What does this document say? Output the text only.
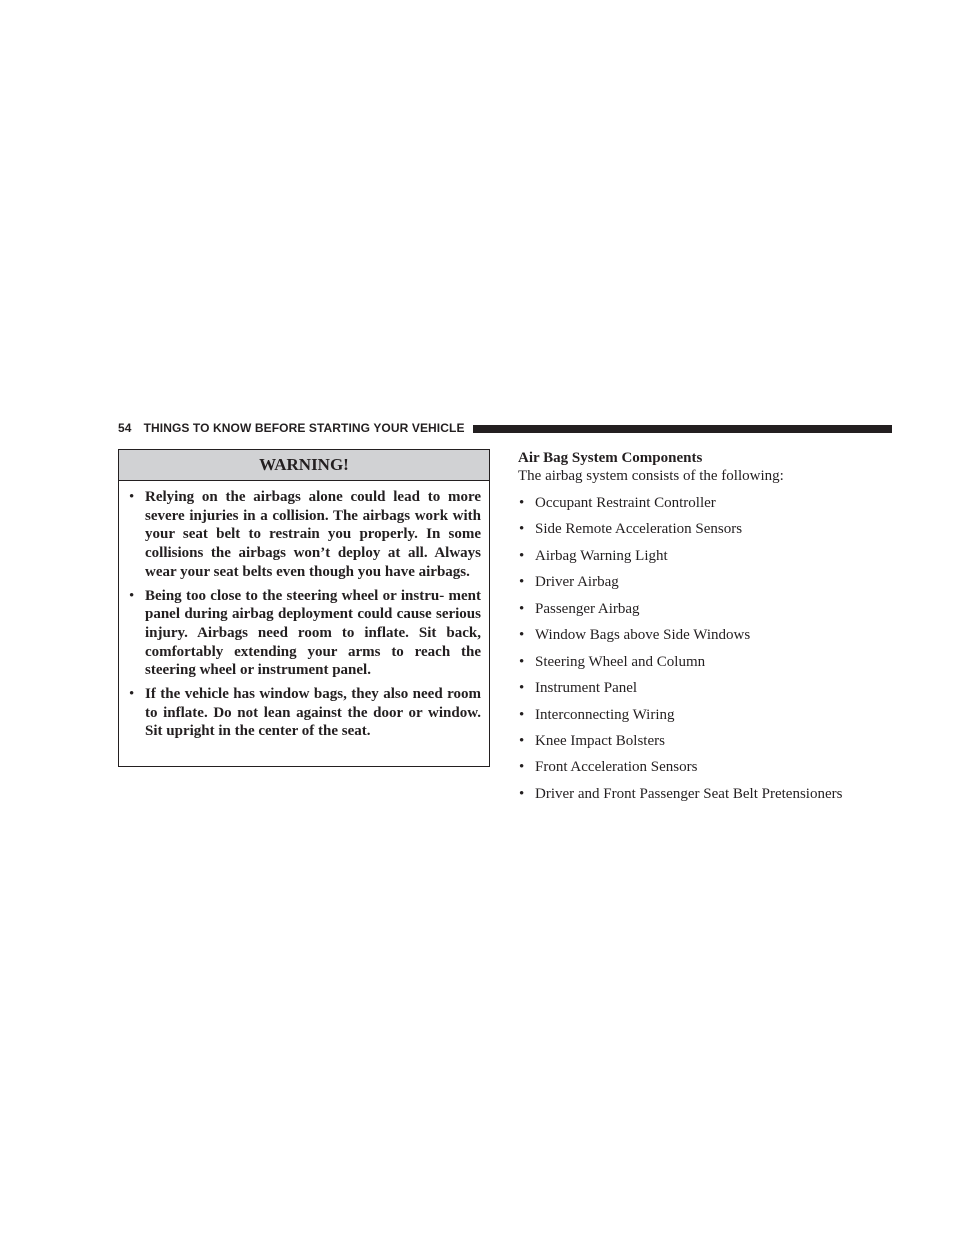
54 THINGS TO KNOW BEFORE STARTING YOUR VEHICLE
WARNING!
• Relying on the airbags alone could lead to more severe injuries in a collision. The airbags work with your seat belt to restrain you properly. In some collisions the airbags won’t deploy at all. Always wear your seat belts even though you have airbags.
• Being too close to the steering wheel or instru- ment panel during airbag deployment could cause serious injury. Airbags need room to inflate. Sit back, comfortably extending your arms to reach the steering wheel or instrument panel.
• If the vehicle has window bags, they also need room to inflate. Do not lean against the door or window. Sit upright in the center of the seat.
Air Bag System Components
The airbag system consists of the following:
• Occupant Restraint Controller
• Side Remote Acceleration Sensors
• Airbag Warning Light
• Driver Airbag
• Passenger Airbag
• Window Bags above Side Windows
• Steering Wheel and Column
• Instrument Panel
• Interconnecting Wiring
• Knee Impact Bolsters
• Front Acceleration Sensors
• Driver and Front Passenger Seat Belt Pretensioners
